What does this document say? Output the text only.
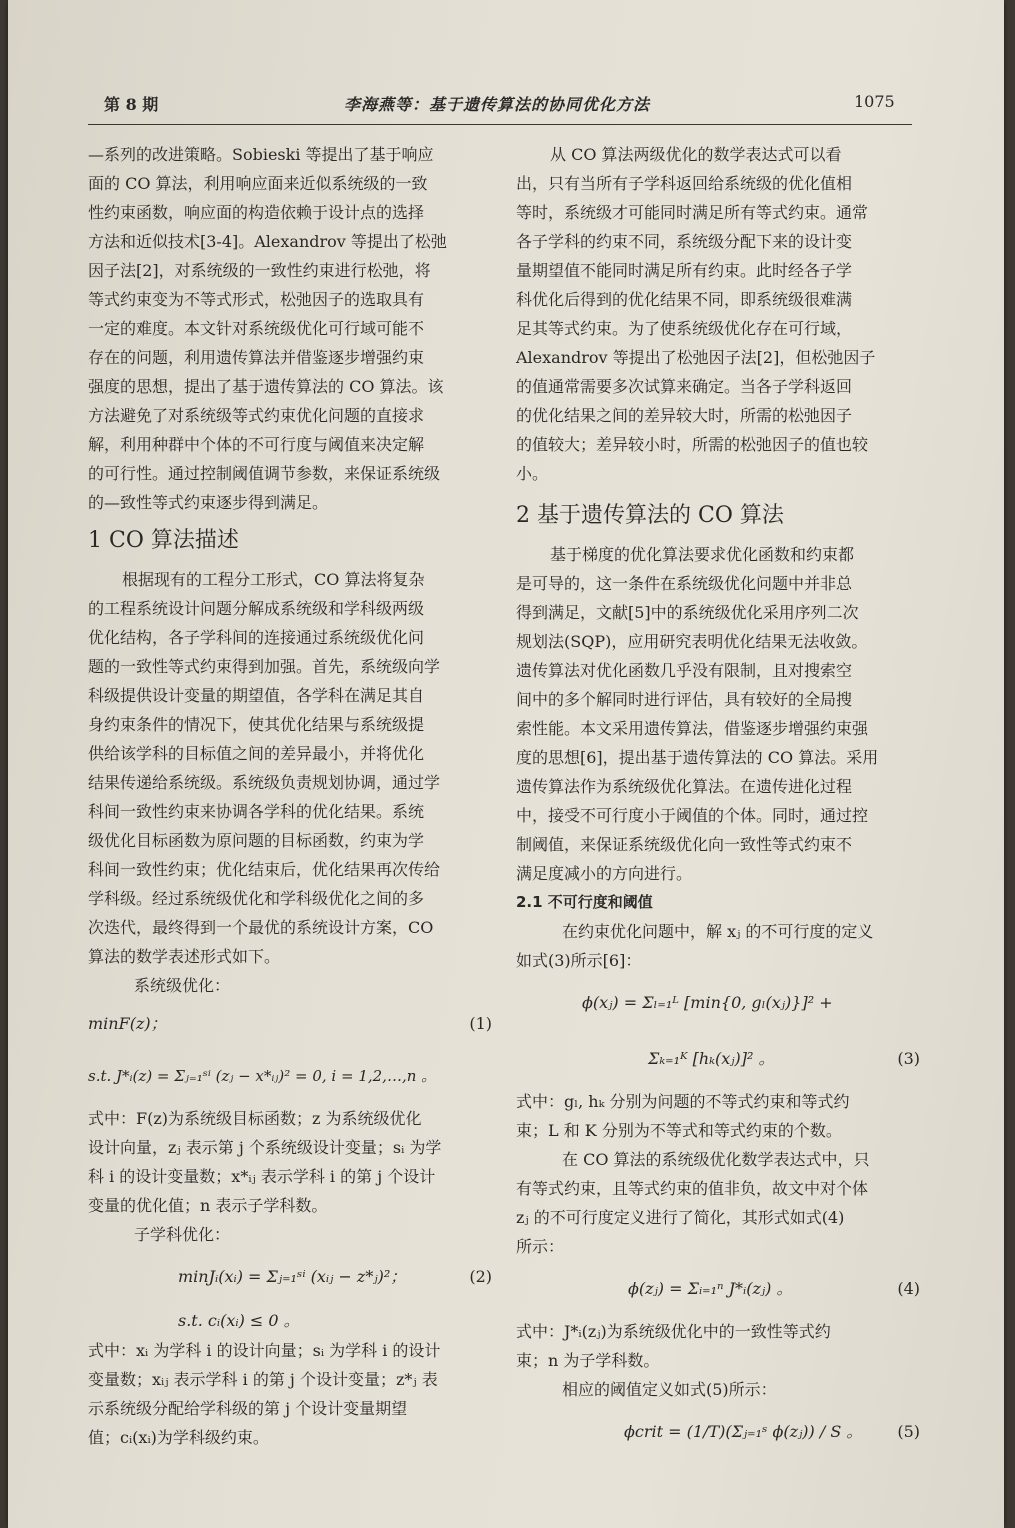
第 8 期	李海燕等：基于遗传算法的协同优化方法	1075
—系列的改进策略。Sobieski 等提出了基于响应
面的 CO 算法，利用响应面来近似系统级的一致
性约束函数，响应面的构造依赖于设计点的选择
方法和近似技术[3-4]。Alexandrov 等提出了松弛
因子法[2]，对系统级的一致性约束进行松弛，将
等式约束变为不等式形式，松弛因子的选取具有
一定的难度。本文针对系统级优化可行域可能不
存在的问题，利用遗传算法并借鉴逐步增强约束
强度的思想，提出了基于遗传算法的 CO 算法。该
方法避免了对系统级等式约束优化问题的直接求
解，利用种群中个体的不可行度与阈值来决定解
的可行性。通过控制阈值调节参数，来保证系统级
的—致性等式约束逐步得到满足。
1 CO 算法描述
根据现有的工程分工形式，CO 算法将复杂
的工程系统设计问题分解成系统级和学科级两级
优化结构，各子学科间的连接通过系统级优化问
题的一致性等式约束得到加强。首先，系统级向学
科级提供设计变量的期望值，各学科在满足其自
身约束条件的情况下，使其优化结果与系统级提
供给该学科的目标值之间的差异最小，并将优化
结果传递给系统级。系统级负责规划协调，通过学
科间一致性约束来协调各学科的优化结果。系统
级优化目标函数为原问题的目标函数，约束为学
科间一致性约束；优化结束后，优化结果再次传给
学科级。经过系统级优化和学科级优化之间的多
次迭代，最终得到一个最优的系统设计方案，CO
算法的数学表述形式如下。
系统级优化：
minF(z)；	(1)
s.t. J*ᵢ(z) = Σⱼ₌₁ˢⁱ (zⱼ − x*ᵢⱼ)² = 0, i = 1,2,…,n 。
式中：F(z)为系统级目标函数；z 为系统级优化
设计向量，zⱼ 表示第 j 个系统级设计变量；sᵢ 为学
科 i 的设计变量数；x*ᵢⱼ 表示学科 i 的第 j 个设计
变量的优化值；n 表示子学科数。
子学科优化：
minJᵢ(xᵢ) = Σⱼ₌₁ˢⁱ (xᵢⱼ − z*ⱼ)²；	(2)
s.t. cᵢ(xᵢ) ≤ 0 。
式中：xᵢ 为学科 i 的设计向量；sᵢ 为学科 i 的设计
变量数；xᵢⱼ 表示学科 i 的第 j 个设计变量；z*ⱼ 表
示系统级分配给学科级的第 j 个设计变量期望
值；cᵢ(xᵢ)为学科级约束。
从 CO 算法两级优化的数学表达式可以看
出，只有当所有子学科返回给系统级的优化值相
等时，系统级才可能同时满足所有等式约束。通常
各子学科的约束不同，系统级分配下来的设计变
量期望值不能同时满足所有约束。此时经各子学
科优化后得到的优化结果不同，即系统级很难满
足其等式约束。为了使系统级优化存在可行域，
Alexandrov 等提出了松弛因子法[2]，但松弛因子
的值通常需要多次试算来确定。当各子学科返回
的优化结果之间的差异较大时，所需的松弛因子
的值较大；差异较小时，所需的松弛因子的值也较
小。
2 基于遗传算法的 CO 算法
基于梯度的优化算法要求优化函数和约束都
是可导的，这一条件在系统级优化问题中并非总
得到满足，文献[5]中的系统级优化采用序列二次
规划法(SQP)，应用研究表明优化结果无法收敛。
遗传算法对优化函数几乎没有限制，且对搜索空
间中的多个解同时进行评估，具有较好的全局搜
索性能。本文采用遗传算法，借鉴逐步增强约束强
度的思想[6]，提出基于遗传算法的 CO 算法。采用
遗传算法作为系统级优化算法。在遗传进化过程
中，接受不可行度小于阈值的个体。同时，通过控
制阈值，来保证系统级优化向一致性等式约束不
满足度减小的方向进行。
2.1 不可行度和阈值
在约束优化问题中，解 xⱼ 的不可行度的定义
如式(3)所示[6]：
ϕ(xⱼ) = Σₗ₌₁ᴸ [min{0, gₗ(xⱼ)}]² +
Σₖ₌₁ᴷ [hₖ(xⱼ)]² 。	(3)
式中：gₗ, hₖ 分别为问题的不等式约束和等式约
束；L 和 K 分别为不等式和等式约束的个数。
在 CO 算法的系统级优化数学表达式中，只
有等式约束，且等式约束的值非负，故文中对个体
zⱼ 的不可行度定义进行了简化，其形式如式(4)
所示：
ϕ(zⱼ) = Σᵢ₌₁ⁿ J*ᵢ(zⱼ) 。	(4)
式中：J*ᵢ(zⱼ)为系统级优化中的一致性等式约
束；n 为子学科数。
相应的阈值定义如式(5)所示：
ϕcrit = (1/T)(Σⱼ₌₁ˢ ϕ(zⱼ)) / S 。 (5)
